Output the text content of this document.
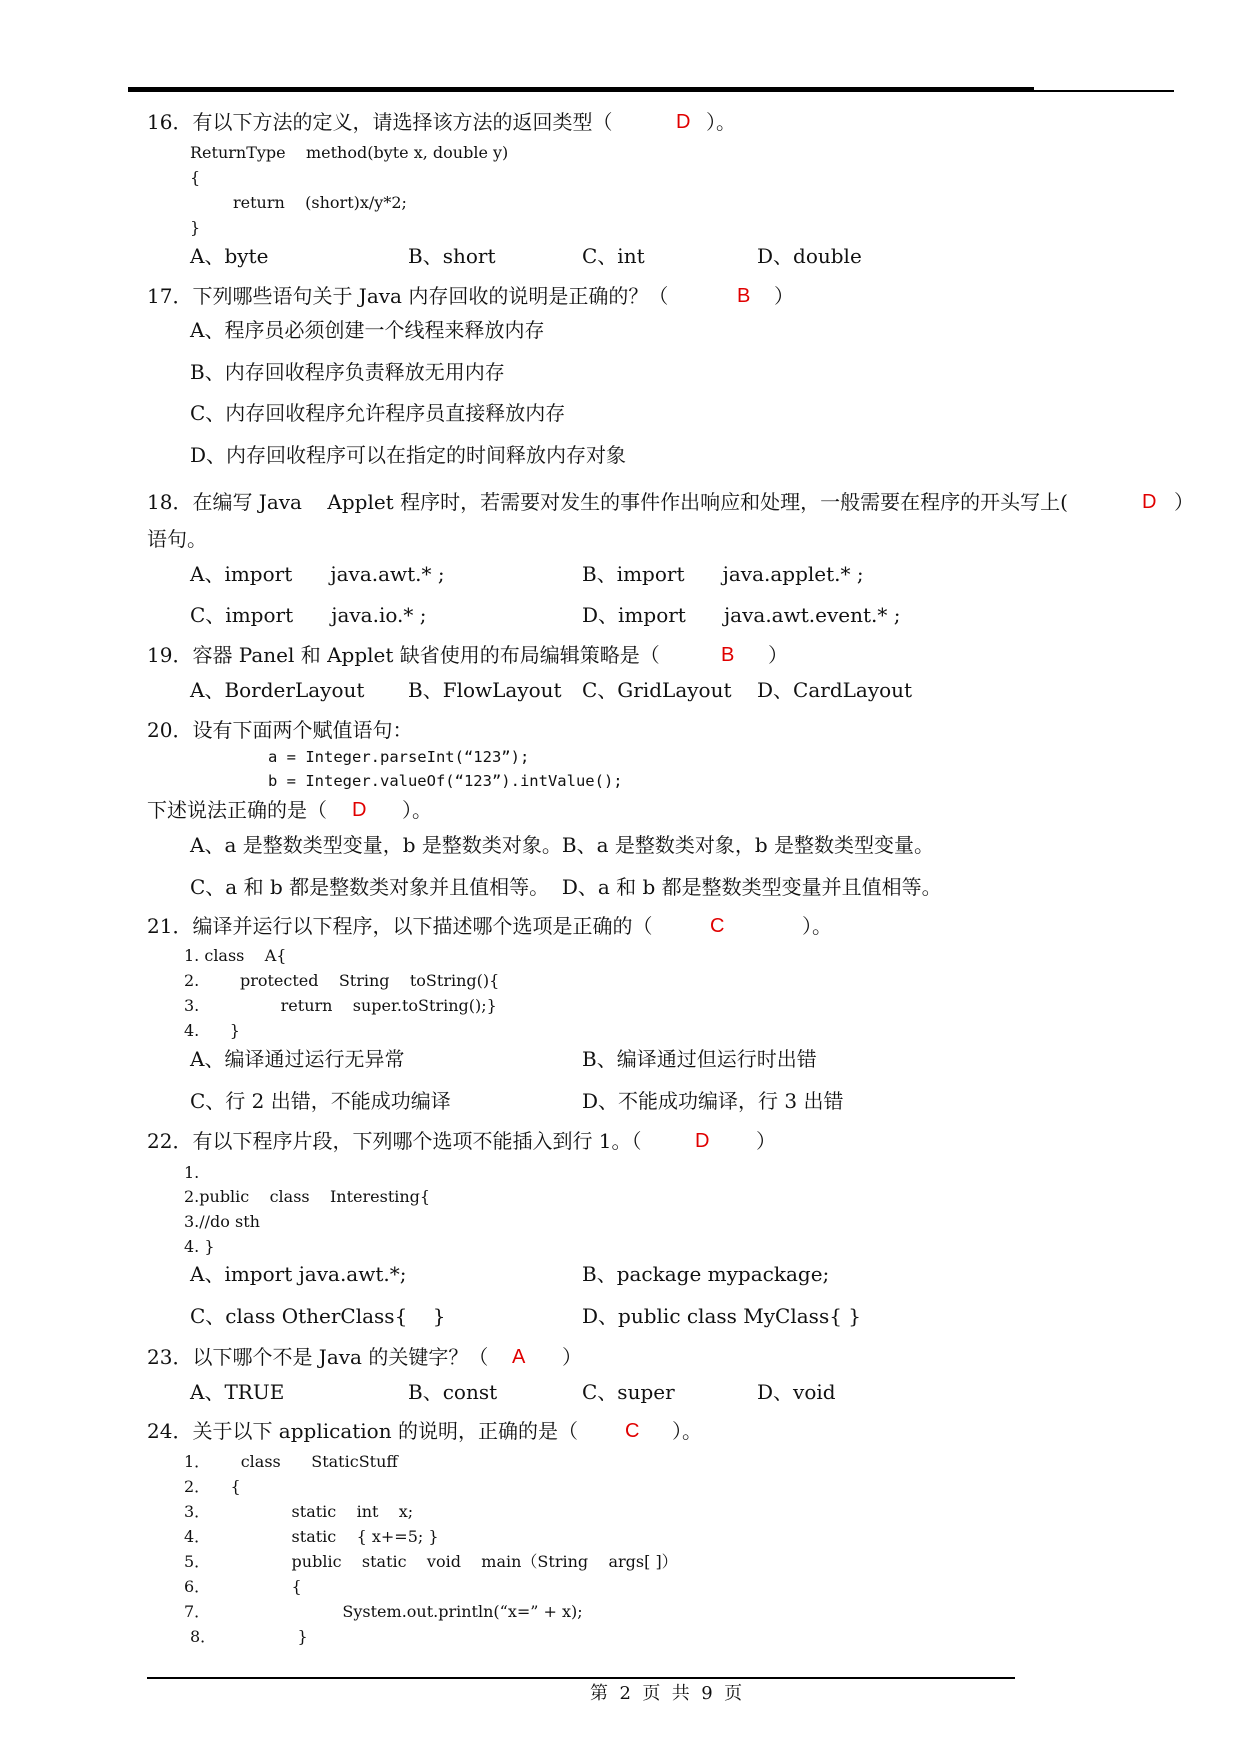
16．有以下方法的定义，请选择该方法的返回类型（	D ）。
ReturnType    method(byte x, double y)
{
return    (short)x/y*2;
}
A、byte	B、short	C、int	D、double
17．下列哪些语句关于 Java 内存回收的说明是正确的？（	B ）
A、程序员必须创建一个线程来释放内存
B、内存回收程序负责释放无用内存
C、内存回收程序允许程序员直接释放内存
D、内存回收程序可以在指定的时间释放内存对象
18．在编写 Java    Applet 程序时，若需要对发生的事件作出响应和处理，一般需要在程序的开头写上(	D ）
语句。
A、import      java.awt.* ;	B、import      java.applet.* ;
C、import      java.io.* ;	D、import      java.awt.event.* ;
19．容器 Panel 和 Applet 缺省使用的布局编辑策略是（	B ）
A、BorderLayout B、FlowLayout C、GridLayout D、CardLayout
20．设有下面两个赋值语句：
a = Integer.parseInt(“123”);
b = Integer.valueOf(“123”).intValue();
下述说法正确的是（ D ）。
A、a 是整数类型变量，b 是整数类对象。B、a 是整数类对象，b 是整数类型变量。
C、a 和 b 都是整数类对象并且值相等。  D、a 和 b 都是整数类型变量并且值相等。
21．编译并运行以下程序，以下描述哪个选项是正确的（	C	）。
1. class    A{
2.        protected    String    toString(){
3.                return    super.toString();}
4.      }
A、编译通过运行无异常	B、编译通过但运行时出错
C、行 2 出错，不能成功编译	D、不能成功编译，行 3 出错
22．有以下程序片段，下列哪个选项不能插入到行 1。（	D ）
1.
2.public    class    Interesting{
3.//do sth
4. }
A、import java.awt.*;	B、package mypackage;
C、class OtherClass{    }	D、public class MyClass{ }
23．以下哪个不是 Java 的关键字？（ A ）
A、TRUE	B、const	C、super	D、void
24．关于以下 application 的说明，正确的是（ C ）。
1．      class      StaticStuff
2．    {
3．                static    int    x;
4．                static    { x+=5; }
5．                public    static    void    main（String    args[ ]）
6．                {
7．                          System.out.println(“x=” + x);
8．                }
第  2  页  共  9  页
